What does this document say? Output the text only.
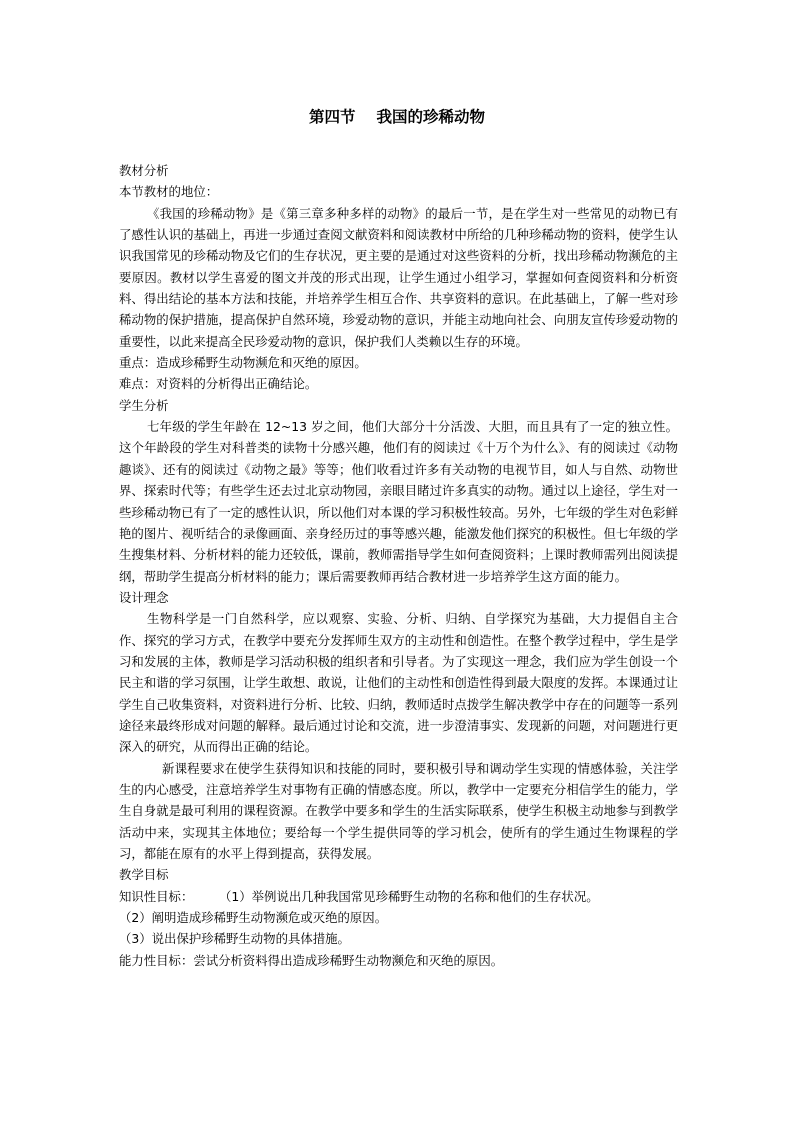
第四节　 我国的珍稀动物

教材分析

本节教材的地位：

《我国的珍稀动物》是《第三章多种多样的动物》的最后一节，是在学生对一些常见的动物已有了感性认识的基础上，再进一步通过查阅文献资料和阅读教材中所给的几种珍稀动物的资料，使学生认识我国常见的珍稀动物及它们的生存状况，更主要的是通过对这些资料的分析，找出珍稀动物濒危的主要原因。教材以学生喜爱的图文并茂的形式出现，让学生通过小组学习，掌握如何查阅资料和分析资料、得出结论的基本方法和技能，并培养学生相互合作、共享资料的意识。在此基础上，了解一些对珍稀动物的保护措施，提高保护自然环境，珍爱动物的意识，并能主动地向社会、向朋友宣传珍爱动物的重要性，以此来提高全民珍爱动物的意识，保护我们人类赖以生存的环境。

重点：造成珍稀野生动物濒危和灭绝的原因。

难点：对资料的分析得出正确结论。

学生分析

七年级的学生年龄在 12~13 岁之间，他们大部分十分活泼、大胆，而且具有了一定的独立性。这个年龄段的学生对科普类的读物十分感兴趣，他们有的阅读过《十万个为什么》、有的阅读过《动物趣谈》、还有的阅读过《动物之最》等等；他们收看过许多有关动物的电视节目，如人与自然、动物世界、探索时代等；有些学生还去过北京动物园，亲眼目睹过许多真实的动物。通过以上途径，学生对一些珍稀动物已有了一定的感性认识，所以他们对本课的学习积极性较高。另外，七年级的学生对色彩鲜艳的图片、视听结合的录像画面、亲身经历过的事等感兴趣，能激发他们探究的积极性。但七年级的学生搜集材料、分析材料的能力还较低，课前，教师需指导学生如何查阅资料；上课时教师需列出阅读提纲，帮助学生提高分析材料的能力；课后需要教师再结合教材进一步培养学生这方面的能力。

设计理念

生物科学是一门自然科学，应以观察、实验、分析、归纳、自学探究为基础，大力提倡自主合作、探究的学习方式，在教学中要充分发挥师生双方的主动性和创造性。在整个教学过程中，学生是学习和发展的主体，教师是学习活动积极的组织者和引导者。为了实现这一理念，我们应为学生创设一个民主和谐的学习氛围，让学生敢想、敢说，让他们的主动性和创造性得到最大限度的发挥。本课通过让学生自己收集资料，对资料进行分析、比较、归纳，教师适时点拨学生解决教学中存在的问题等一系列途径来最终形成对问题的解释。最后通过讨论和交流，进一步澄清事实、发现新的问题，对问题进行更深入的研究，从而得出正确的结论。

新课程要求在使学生获得知识和技能的同时，要积极引导和调动学生实现的情感体验，关注学生的内心感受，注意培养学生对事物有正确的情感态度。所以，教学中一定要充分相信学生的能力，学生自身就是最可利用的课程资源。在教学中要多和学生的生活实际联系，使学生积极主动地参与到教学活动中来，实现其主体地位；要给每一个学生提供同等的学习机会，使所有的学生通过生物课程的学习，都能在原有的水平上得到提高，获得发展。

教学目标

知识性目标：	（1）举例说出几种我国常见珍稀野生动物的名称和他们的生存状况。

（2）阐明造成珍稀野生动物濒危或灭绝的原因。

（3）说出保护珍稀野生动物的具体措施。

能力性目标： 尝试分析资料得出造成珍稀野生动物濒危和灭绝的原因。
